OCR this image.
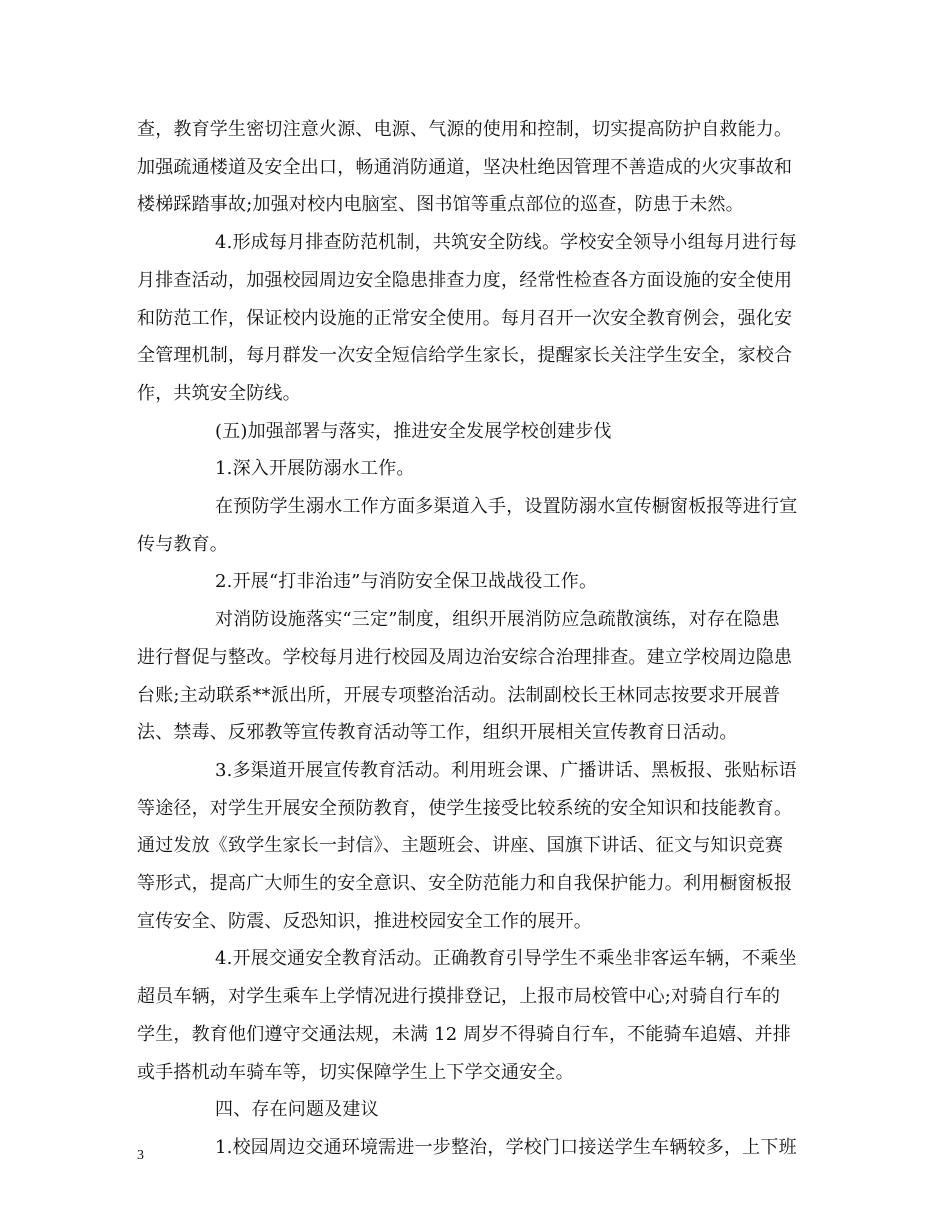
查，教育学生密切注意火源、电源、气源的使用和控制，切实提高防护自救能力。
加强疏通楼道及安全出口，畅通消防通道，坚决杜绝因管理不善造成的火灾事故和
楼梯踩踏事故;加强对校内电脑室、图书馆等重点部位的巡查，防患于未然。
4.形成每月排查防范机制，共筑安全防线。学校安全领导小组每月进行每
月排查活动，加强校园周边安全隐患排查力度，经常性检查各方面设施的安全使用
和防范工作，保证校内设施的正常安全使用。每月召开一次安全教育例会，强化安
全管理机制，每月群发一次安全短信给学生家长，提醒家长关注学生安全，家校合
作，共筑安全防线。
(五)加强部署与落实，推进安全发展学校创建步伐
1.深入开展防溺水工作。
在预防学生溺水工作方面多渠道入手，设置防溺水宣传橱窗板报等进行宣
传与教育。
2.开展“打非治违”与消防安全保卫战战役工作。
对消防设施落实“三定”制度，组织开展消防应急疏散演练，对存在隐患
进行督促与整改。学校每月进行校园及周边治安综合治理排查。建立学校周边隐患
台账;主动联系**派出所，开展专项整治活动。法制副校长王林同志按要求开展普
法、禁毒、反邪教等宣传教育活动等工作，组织开展相关宣传教育日活动。
3.多渠道开展宣传教育活动。利用班会课、广播讲话、黑板报、张贴标语
等途径，对学生开展安全预防教育，使学生接受比较系统的安全知识和技能教育。
通过发放《致学生家长一封信》、主题班会、讲座、国旗下讲话、征文与知识竞赛
等形式，提高广大师生的安全意识、安全防范能力和自我保护能力。利用橱窗板报
宣传安全、防震、反恐知识，推进校园安全工作的展开。
4.开展交通安全教育活动。正确教育引导学生不乘坐非客运车辆，不乘坐
超员车辆，对学生乘车上学情况进行摸排登记，上报市局校管中心;对骑自行车的
学生，教育他们遵守交通法规，未满 12 周岁不得骑自行车，不能骑车追嬉、并排
或手搭机动车骑车等，切实保障学生上下学交通安全。
四、存在问题及建议
1.校园周边交通环境需进一步整治，学校门口接送学生车辆较多，上下班
3
